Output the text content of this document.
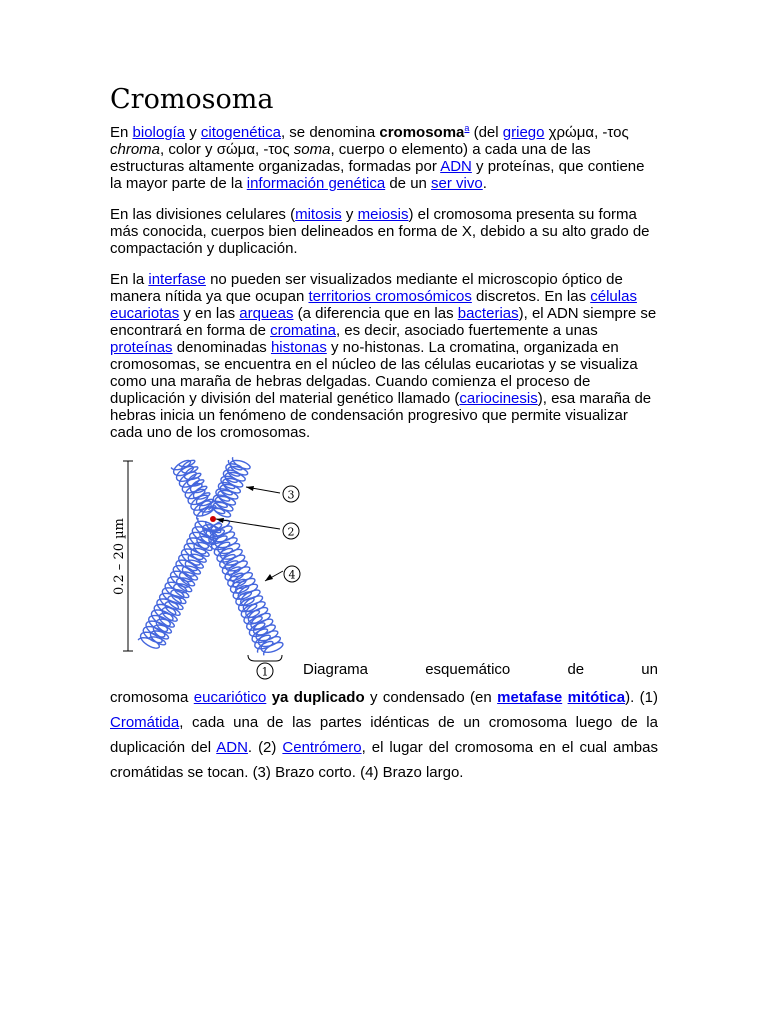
Cromosoma

En biología y citogenética, se denomina cromosoma$^a$ (del griego χρώμα, -τος chroma, color y σώμα, -τος soma, cuerpo o elemento) a cada una de las estructuras altamente organizadas, formadas por ADN y proteínas, que contiene la mayor parte de la información genética de un ser vivo.

En las divisiones celulares (mitosis y meiosis) el cromosoma presenta su forma más conocida, cuerpos bien delineados en forma de X, debido a su alto grado de compactación y duplicación.

En la interfase no pueden ser visualizados mediante el microscopio óptico de manera nítida ya que ocupan territorios cromosómicos discretos. En las células eucariotas y en las arqueas (a diferencia que en las bacterias), el ADN siempre se encontrará en forma de cromatina, es decir, asociado fuertemente a unas proteínas denominadas histonas y no-histonas. La cromatina, organizada en cromosomas, se encuentra en el núcleo de las células eucariotas y se visualiza como una maraña de hebras delgadas. Cuando comienza el proceso de duplicación y división del material genético llamado (cariocinesis), esa maraña de hebras inicia un fenómeno de condensación progresivo que permite visualizar cada uno de los cromosomas.

0.2 – 20 µm
3
2
4
1 Diagrama esquemático de un

cromosoma eucariótico ya duplicado y condensado (en metafase mitótica). (1) Cromátida, cada una de las partes idénticas de un cromosoma luego de la duplicación del ADN. (2) Centrómero, el lugar del cromosoma en el cual ambas cromátidas se tocan. (3) Brazo corto. (4) Brazo largo.
